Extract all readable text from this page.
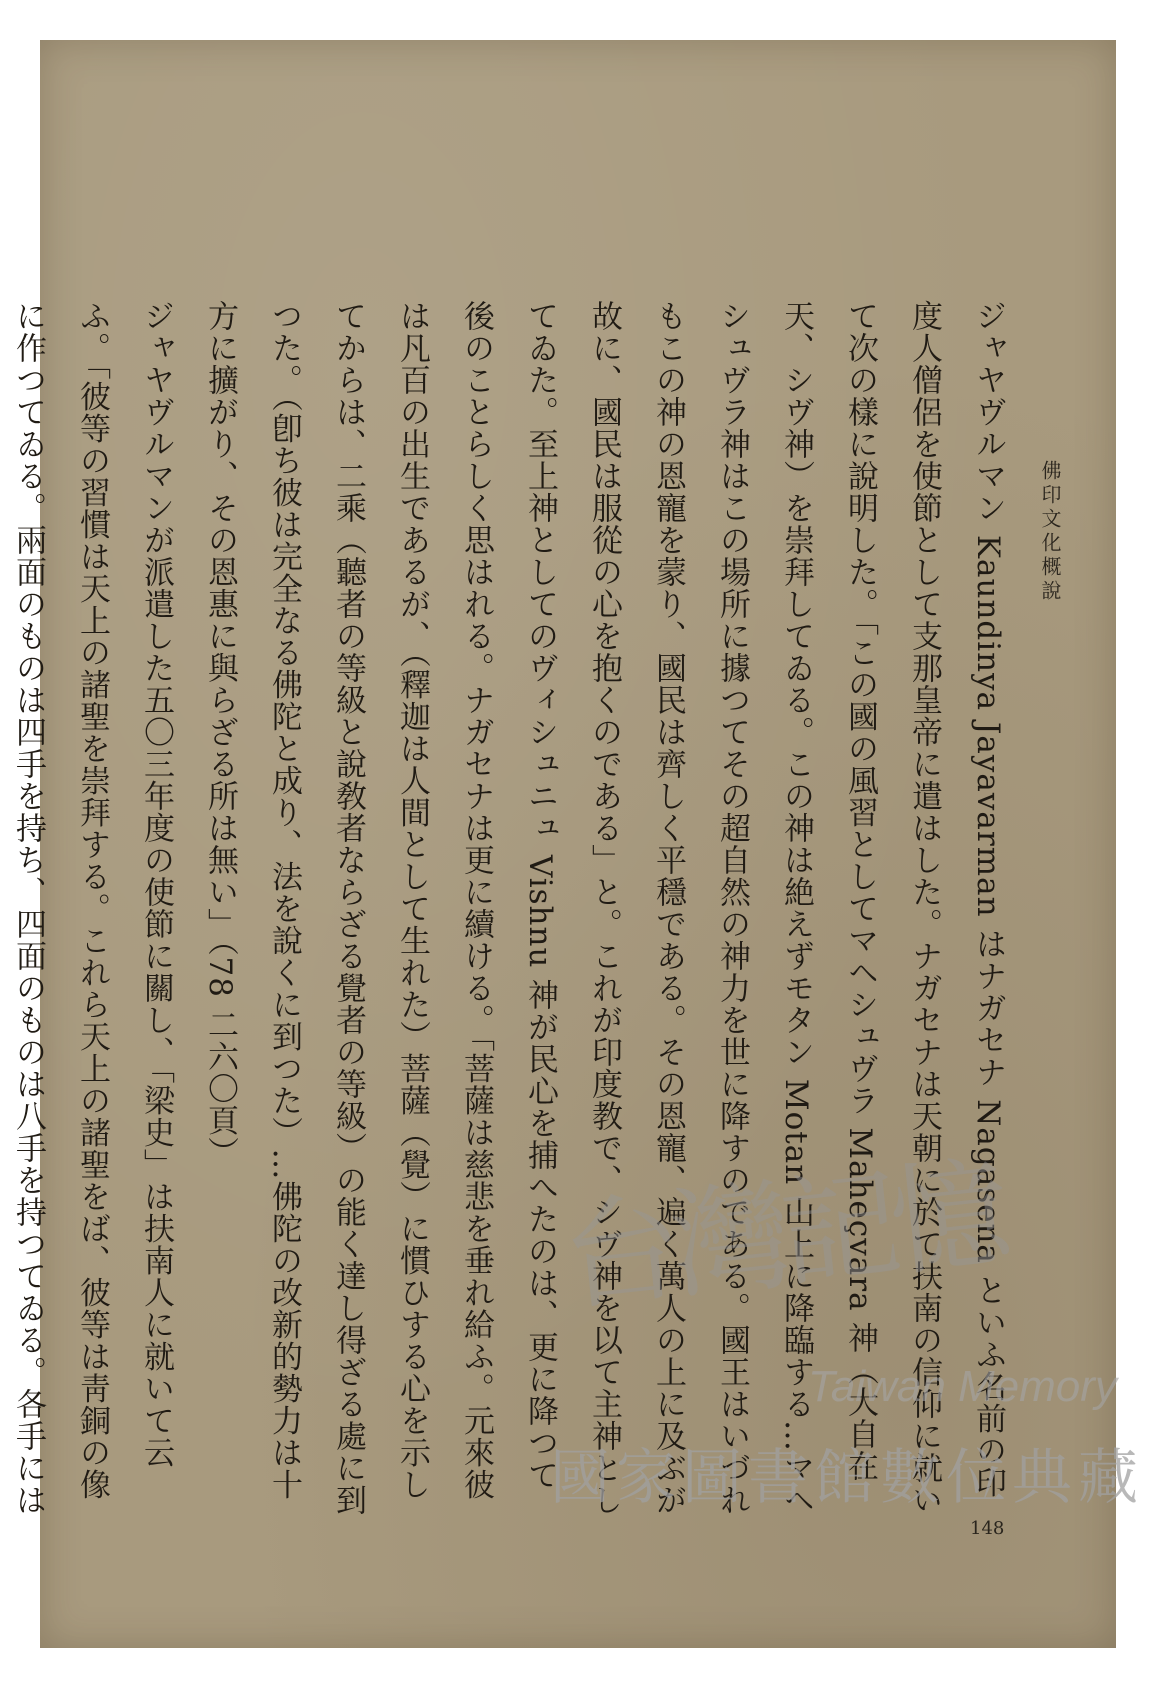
佛印文化概說

ジャヤヴルマン Kaundinya Jayavarman はナガセナ Nagasena といふ名前の印度人僧侶を使節として支那皇帝に遣はした。ナガセナは天朝に於て扶南の信仰に就いて次の樣に說明した。「この國の風習としてマヘシュヴラ Maheçvara 神（大自在天、シヴ神）を崇拜してゐる。この神は絶えずモタン Motan 山上に降臨する…マヘシュヴラ神はこの場所に據つてその超自然の神力を世に降すのである。國王はいづれもこの神の恩寵を蒙り、國民は齊しく平穩である。その恩寵、遍く萬人の上に及ぶが故に、國民は服從の心を抱くのである」と。これが印度教で、シヴ神を以て主神としてゐた。至上神としてのヴィシュニュ Vishnu 神が民心を捕へたのは、更に降つて後のことらしく思はれる。ナガセナは更に續ける。「菩薩は慈悲を垂れ給ふ。元來彼は凡百の出生であるが、（釋迦は人間として生れた）菩薩（覺）に慣ひする心を示してからは、二乘（聽者の等級と說敎者ならざる覺者の等級）の能く達し得ざる處に到つた。（卽ち彼は完全なる佛陀と成り、法を說くに到つた）…佛陀の改新的勢力は十方に擴がり、その恩惠に與らざる所は無い」（78 二六〇頁）

ジャヤヴルマンが派遣した五〇三年度の使節に關し、「梁史」は扶南人に就いて云ふ。「彼等の習慣は天上の諸聖を崇拜する。これら天上の諸聖をば、彼等は靑銅の像に作つてゐる。兩面のものは四手を持ち、四面のものは八手を持つてゐる。各手には

148
台灣記憶
Taiwan Memory
國家圖書館數位典藏
